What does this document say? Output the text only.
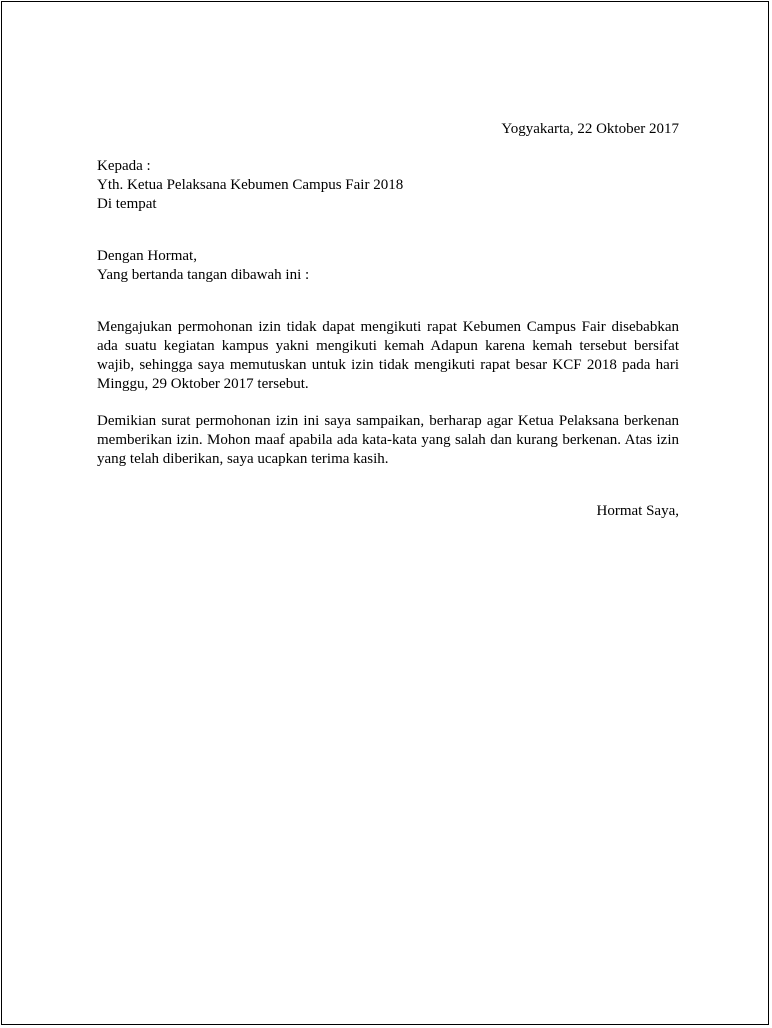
Yogyakarta, 22 Oktober 2017

Kepada :

Yth. Ketua Pelaksana Kebumen Campus Fair 2018

Di tempat

Dengan Hormat,

Yang bertanda tangan dibawah ini :

Mengajukan permohonan izin tidak dapat mengikuti rapat Kebumen Campus Fair disebabkan ada suatu kegiatan kampus yakni mengikuti kemah Adapun karena kemah tersebut bersifat wajib, sehingga saya memutuskan untuk izin tidak mengikuti rapat besar KCF 2018 pada hari Minggu, 29 Oktober 2017 tersebut.

Demikian surat permohonan izin ini saya sampaikan, berharap agar Ketua Pelaksana berkenan memberikan izin. Mohon maaf apabila ada kata-kata yang salah dan kurang berkenan. Atas izin yang telah diberikan, saya ucapkan terima kasih.

Hormat Saya,
